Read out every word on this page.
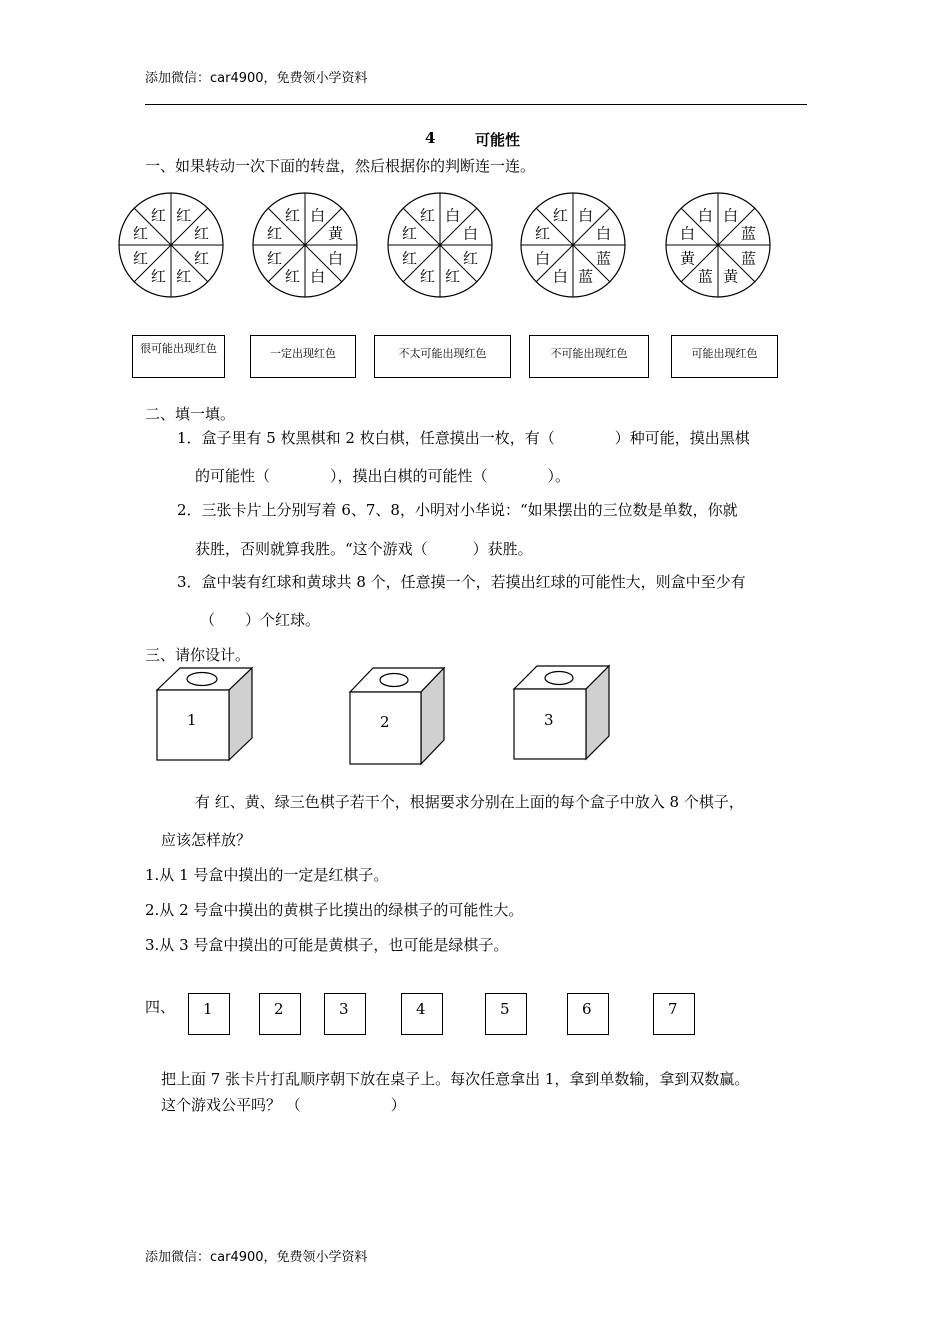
添加微信：car4900，免费领小学资料
4	可能性
一、如果转动一次下面的转盘，然后根据你的判断连一连。
红 红
红	红
红	红
红 红
红 白
红	黄
红	白
红 白
红 白
红	白
红	红
红 红
红 白
红	白
白	蓝
白 蓝
白 白
白	蓝
黄	蓝
蓝 黄
很可能出现红色	一定出现红色	不太可能出现红色	不可能出现红色	可能出现红色
二、填一填。
1．盒子里有 5 枚黑棋和 2 枚白棋，任意摸出一枚，有（　　　　）种可能，摸出黑棋
的可能性（　　　　），摸出白棋的可能性（　　　　）。
2．三张卡片上分别写着 6、7、8，小明对小华说：“如果摆出的三位数是单数，你就
获胜，否则就算我胜。“这个游戏（　　　）获胜。
3．盒中装有红球和黄球共 8 个，任意摸一个，若摸出红球的可能性大，则盒中至少有
（　　）个红球。
三、请你设计。
1	2	3
有 红、黄、绿三色棋子若干个，根据要求分别在上面的每个盒子中放入 8 个棋子，
应该怎样放？
1.从 1 号盒中摸出的一定是红棋子。
2.从 2 号盒中摸出的黄棋子比摸出的绿棋子的可能性大。
3.从 3 号盒中摸出的可能是黄棋子，也可能是绿棋子。
四、 1	2	3	4	5	6	7
把上面 7 张卡片打乱顺序朝下放在桌子上。每次任意拿出 1，拿到单数输，拿到双数赢。
这个游戏公平吗？ （　　　　　　）
添加微信：car4900，免费领小学资料
